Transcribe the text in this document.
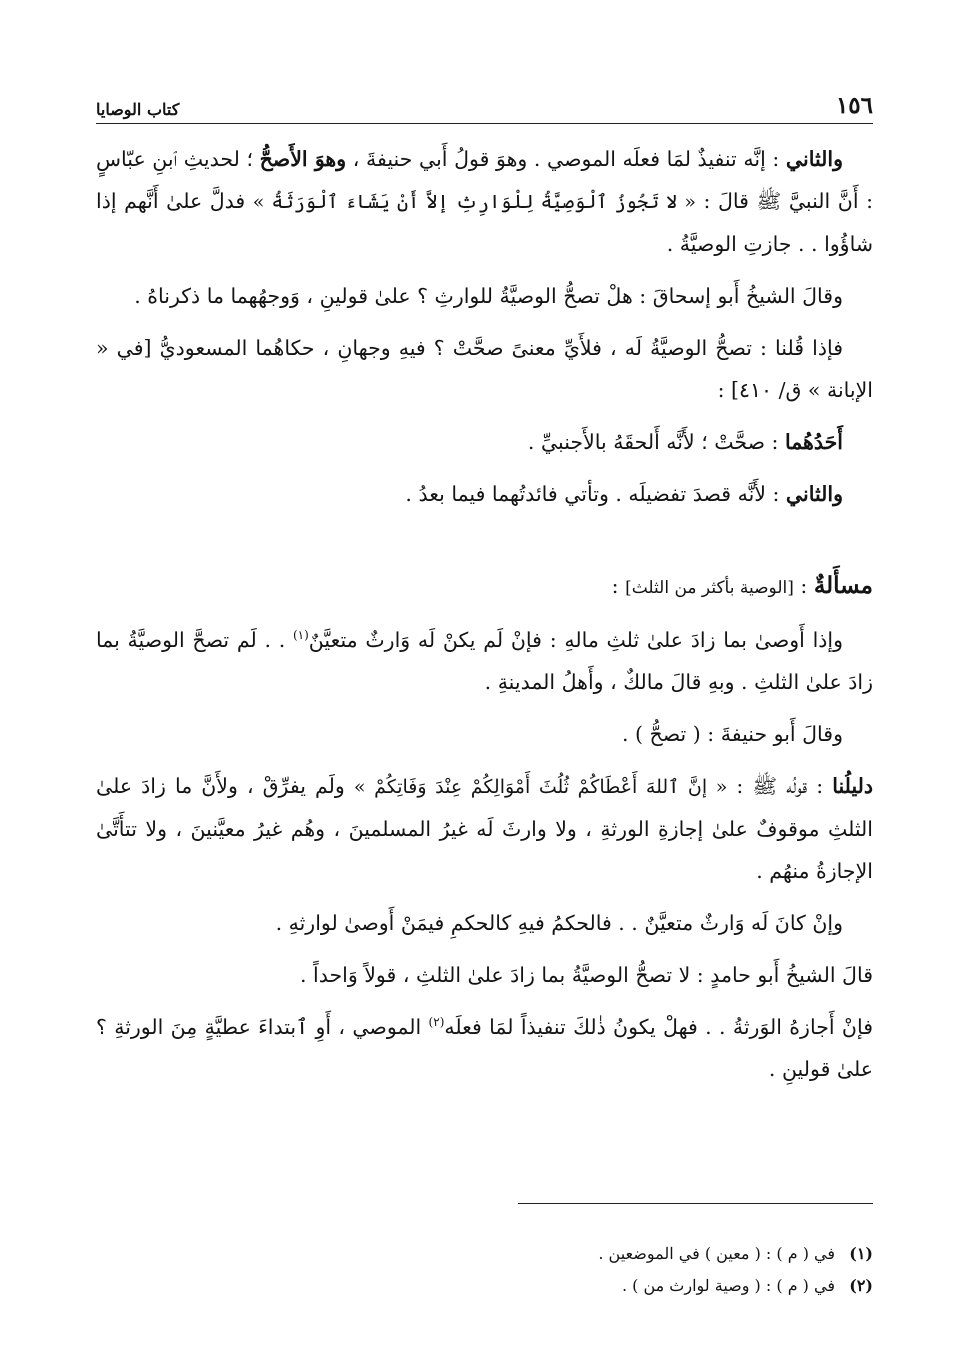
١٥٦
كتاب الوصايا

والثاني : إنَّه تنفيذٌ لمَا فعلَه الموصي . وهوَ قولُ أَبي حنيفةَ ، وهوَ الأَصحُّ ؛ لحديثِ ٱبنِ عبّاسٍ : أَنَّ النبيَّ ﷺ قالَ : « لا تَجُوزُ ٱلْوَصِيَّةُ لِلْوَارِثِ إلاَّ أَنْ يَشَاءَ ٱلْوَرَثَةُ » فدلَّ علىٰ أَنَّهم إذا شاؤُوا . . جازتِ الوصيَّةُ .

وقالَ الشيخُ أَبو إسحاقَ : هلْ تصحُّ الوصيَّةُ للوارثِ ؟ علىٰ قولينِ ، وَوجهُهما ما ذكرناهُ .

فإذا قُلنا : تصحُّ الوصيَّةُ لَه ، فلأَيِّ معنىً صحَّتْ ؟ فيهِ وجهانِ ، حكاهُما المسعوديُّ [في « الإبانة » ق/ ٤١٠] :

أَحَدُهُما : صحَّتْ ؛ لأَنَّه أَلحقَهُ بالأَجنبيِّ .

والثاني : لأَنَّه قصدَ تفضيلَه . وتأتي فائدتُهما فيما بعدُ .

مسأَلةٌ : [الوصية بأكثر من الثلث] :

وإذا أَوصىٰ بما زادَ علىٰ ثلثِ مالهِ : فإنْ لَم يكنْ لَه وَارثٌ متعيَّنٌ$^{(١)}$ . . لَم تصحَّ الوصيَّةُ بما زادَ علىٰ الثلثِ . وبهِ قالَ مالكٌ ، وأَهلُ المدينةِ .

وقالَ أَبو حنيفةَ : ( تصحُّ ) .

دليلُنا : قولُه ﷺ : « إنَّ ٱللهَ أَعْطَاكُمْ ثُلُثَ أَمْوَالِكُمْ عِنْدَ وَفَاتِكُمْ » ولَم يفرِّقْ ، ولأَنَّ ما زادَ علىٰ الثلثِ موقوفٌ علىٰ إجازةِ الورثةِ ، ولا وارثَ لَه غيرُ المسلمينَ ، وهُم غيرُ معيَّنينَ ، ولا تتأَتَّىٰ الإجازةُ منهُم .

وإنْ كانَ لَه وَارثٌ متعيَّنٌ . . فالحكمُ فيهِ كالحكمِ فيمَنْ أَوصىٰ لوارثهِ .

قالَ الشيخُ أَبو حامدٍ : لا تصحُّ الوصيَّةُ بما زادَ علىٰ الثلثِ ، قولاً وَاحداً .

فإنْ أَجازهُ الوَرثةُ . . فهلْ يكونُ ذٰلكَ تنفيذاً لمَا فعلَه$^{(٢)}$ الموصي ، أَوِ ٱبتداءَ عطيَّةٍ مِنَ الورثةِ ؟ علىٰ قولينِ .

(١)
في ( م ) : ( معين ) في الموضعين .
(٢)
في ( م ) : ( وصية لوارث من ) .
